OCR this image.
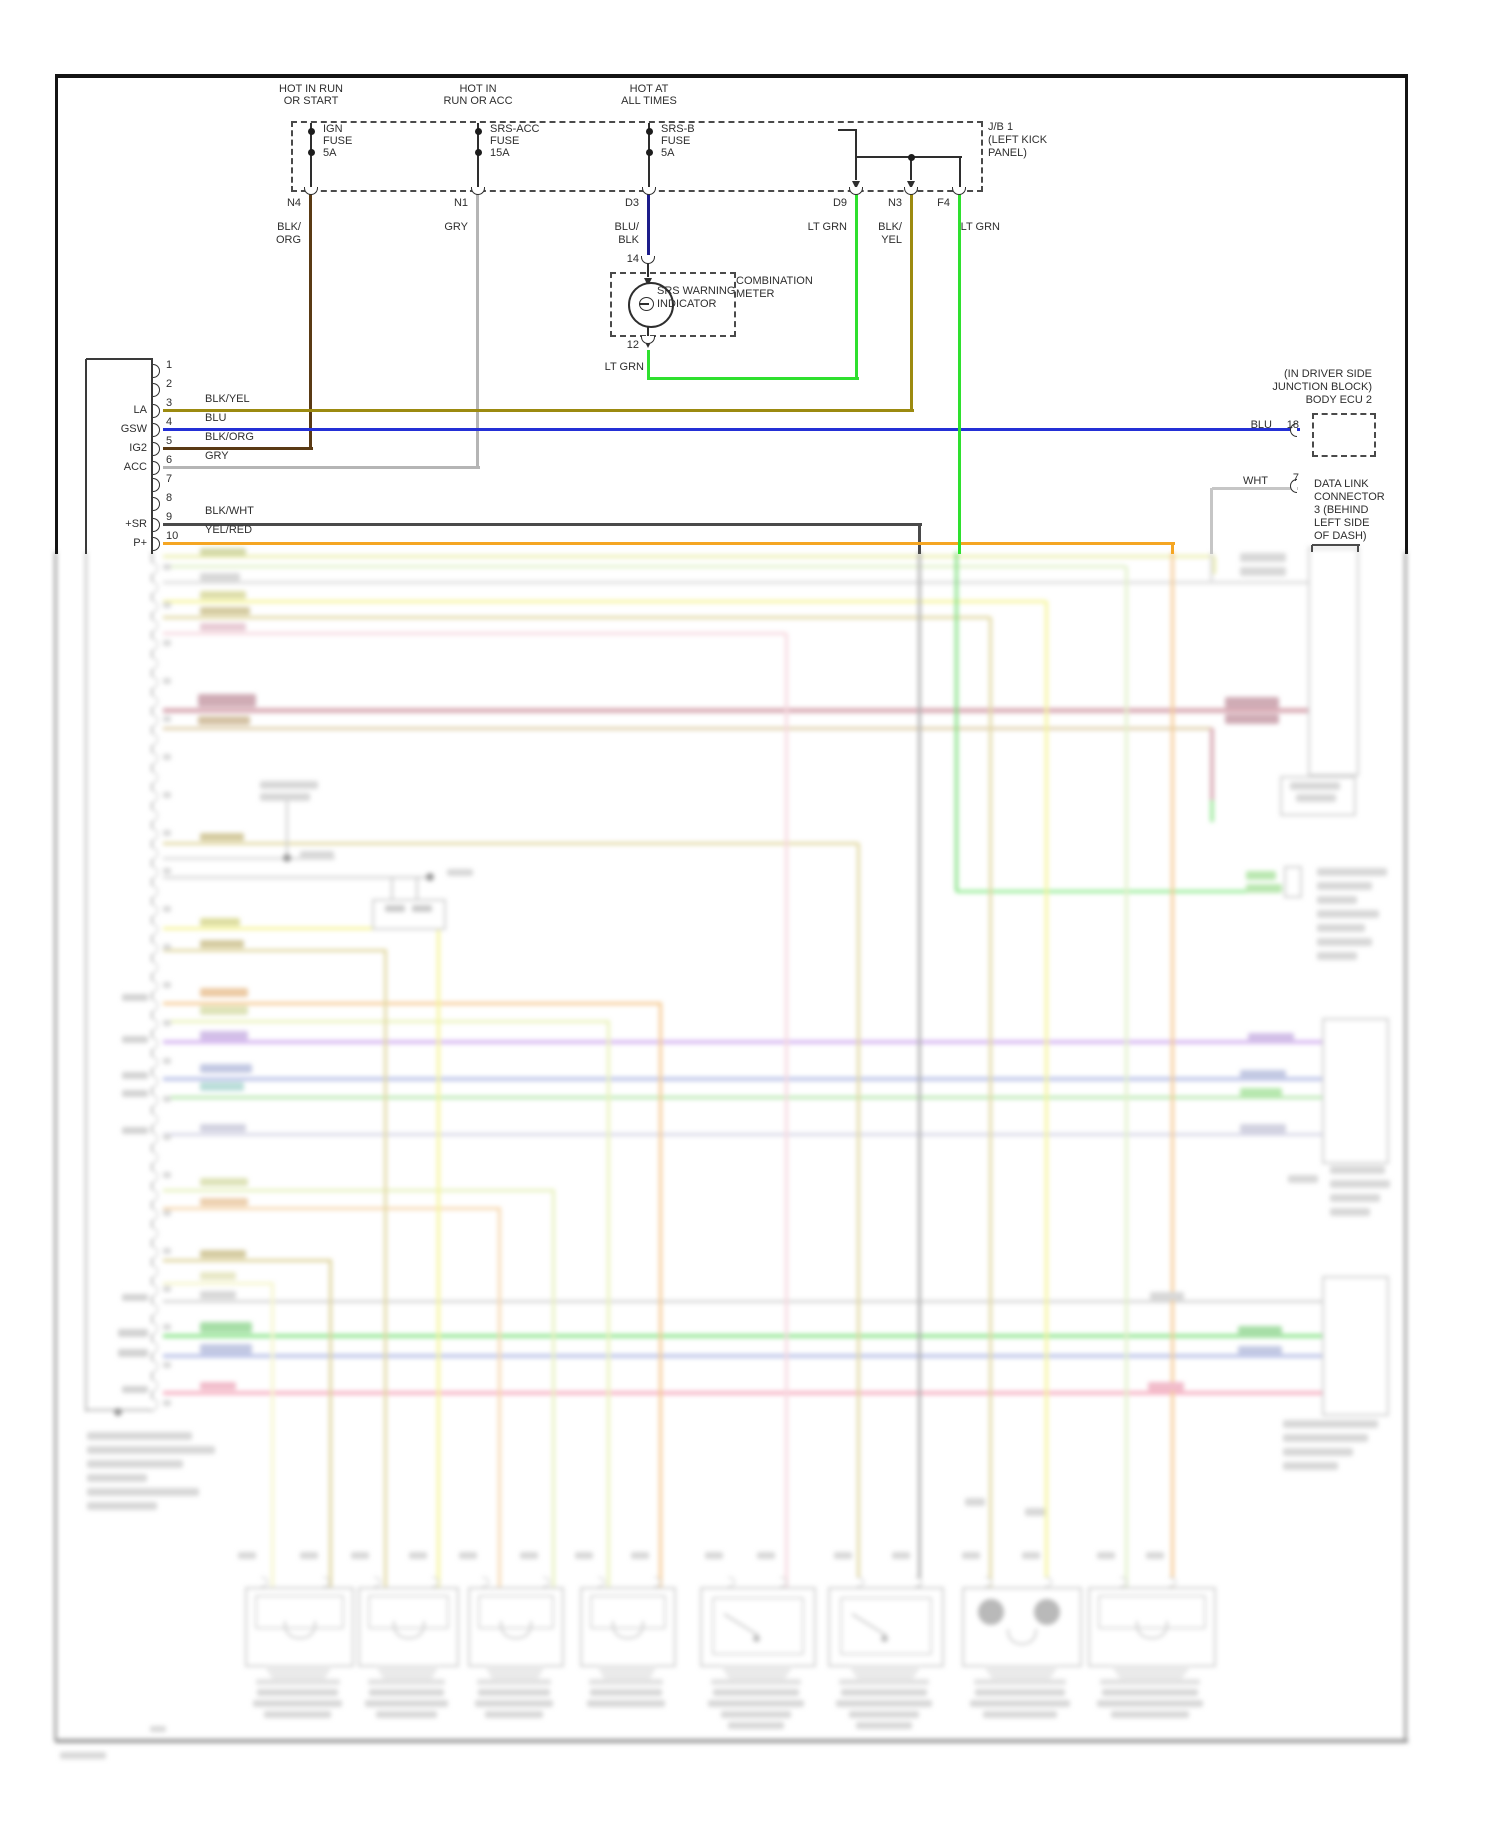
HOT IN RUN
OR START
HOT IN
RUN OR ACC
HOT AT
ALL TIMES
IGN
FUSE
5A
SRS-ACC
FUSE
15A
SRS-B
FUSE
5A
J/B 1
(LEFT KICK
PANEL)
N4
BLK/
ORG
N1
GRY
D3
BLU/
BLK
D9
LT GRN
N3
BLK/
YEL
F4
LT GRN
14
SRS WARNING
INDICATOR
COMBINATION
METER
12
LT GRN
1
2
3
4
5
6
7
8
9
10
LA
GSW
IG2
ACC
+SR
P+
BLK/YEL
BLU
BLK/ORG
GRY
BLK/WHT
YEL/RED
(IN DRIVER SIDE
JUNCTION BLOCK)
BODY ECU 2
BLU 18
WHT 7 DATA LINK
CONNECTOR
3 (BEHIND
LEFT SIDE
OF DASH)
